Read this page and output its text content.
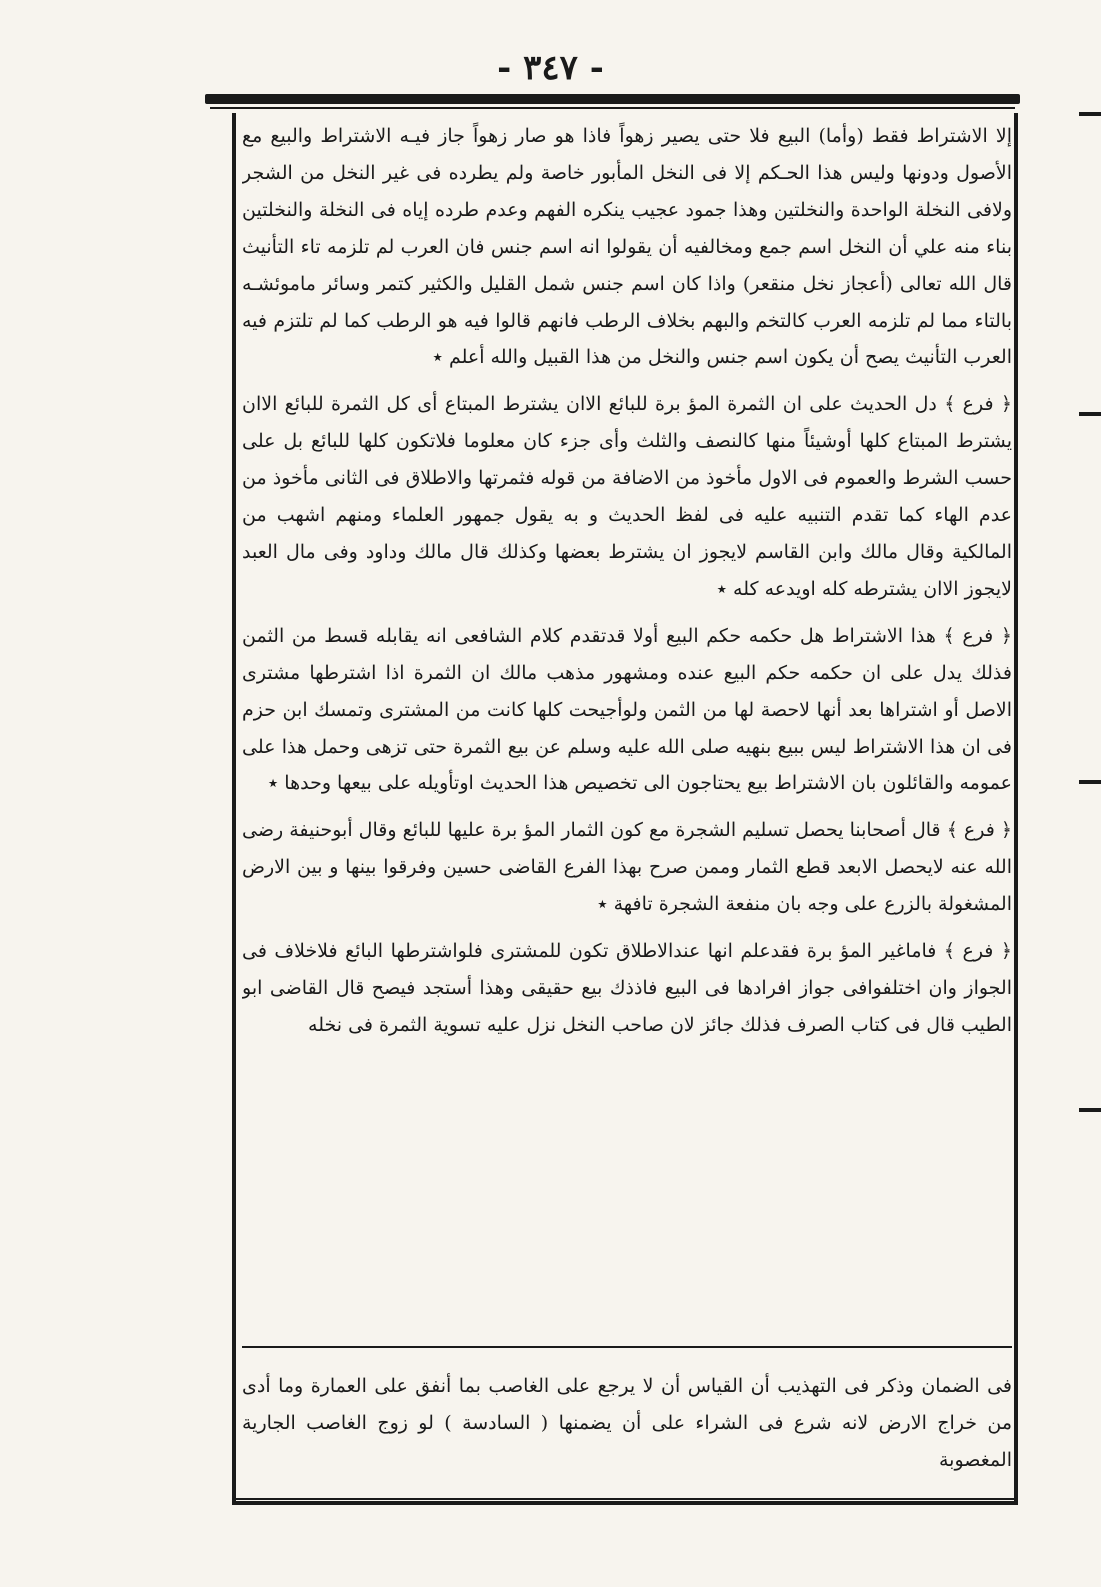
- ٣٤٧ -

إلا الاشتراط فقط (وأما) البيع فلا حتى يصير زهواً فاذا هو صار زهواً جاز فيـه الاشتراط والبيع مع الأصول ودونها وليس هذا الحـكم إلا فى النخل المأبور خاصة ولم يطرده فى غير النخل من الشجر ولافى النخلة الواحدة والنخلتين وهذا جمود عجيب ينكره الفهم وعدم طرده إياه فى النخلة والنخلتين بناء منه علي أن النخل اسم جمع ومخالفيه أن يقولوا انه اسم جنس فان العرب لم تلزمه تاء التأنيث قال الله تعالى (أعجاز نخل منقعر) واذا كان اسم جنس شمل القليل والكثير كتمر وسائر ماموئشـه بالتاء مما لم تلزمه العرب كالتخم والبهم بخلاف الرطب فانهم قالوا فيه هو الرطب كما لم تلتزم فيه العرب التأنيث يصح أن يكون اسم جنس والنخل من هذا القبيل والله أعلم ٭

﴿ فرع ﴾ دل الحديث على ان الثمرة المؤ برة للبائع الاان يشترط المبتاع أى كل الثمرة للبائع الاان يشترط المبتاع كلها أوشيئاً منها كالنصف والثلث وأى جزء كان معلوما فلاتكون كلها للبائع بل على حسب الشرط والعموم فى الاول مأخوذ من الاضافة من قوله فثمرتها والاطلاق فى الثانى مأخوذ من عدم الهاء كما تقدم التنبيه عليه فى لفظ الحديث و به يقول جمهور العلماء ومنهم اشهب من المالكية وقال مالك وابن القاسم لايجوز ان يشترط بعضها وكذلك قال مالك وداود وفى مال العبد لايجوز الاان يشترطه كله اويدعه كله ٭

﴿ فرع ﴾ هذا الاشتراط هل حكمه حكم البيع أولا قدتقدم كلام الشافعى انه يقابله قسط من الثمن فذلك يدل على ان حكمه حكم البيع عنده ومشهور مذهب مالك ان الثمرة اذا اشترطها مشترى الاصل أو اشتراها بعد أنها لاحصة لها من الثمن ولوأجيحت كلها كانت من المشترى وتمسك ابن حزم فى ان هذا الاشتراط ليس ببيع بنهيه صلى الله عليه وسلم عن بيع الثمرة حتى تزهى وحمل هذا على عمومه والقائلون بان الاشتراط بيع يحتاجون الى تخصيص هذا الحديث اوتأويله على بيعها وحدها ٭

﴿ فرع ﴾ قال أصحابنا يحصل تسليم الشجرة مع كون الثمار المؤ برة عليها للبائع وقال أبوحنيفة رضى الله عنه لايحصل الابعد قطع الثمار وممن صرح بهذا الفرع القاضى حسين وفرقوا بينها و بين الارض المشغولة بالزرع على وجه بان منفعة الشجرة تافهة ٭

﴿ فرع ﴾ فاماغير المؤ برة فقدعلم انها عندالاطلاق تكون للمشترى فلواشترطها البائع فلاخلاف فى الجواز وان اختلفوافى جواز افرادها فى البيع فاذذك بيع حقيقى وهذا أستجد فيصح قال القاضى ابو الطيب قال فى كتاب الصرف فذلك جائز لان صاحب النخل نزل عليه تسوية الثمرة فى نخله

فى الضمان وذكر فى التهذيب أن القياس أن لا يرجع على الغاصب بما أنفق على العمارة وما أدى من خراج الارض لانه شرع فى الشراء على أن يضمنها ( السادسة ) لو زوج الغاصب الجارية المغصوبة
